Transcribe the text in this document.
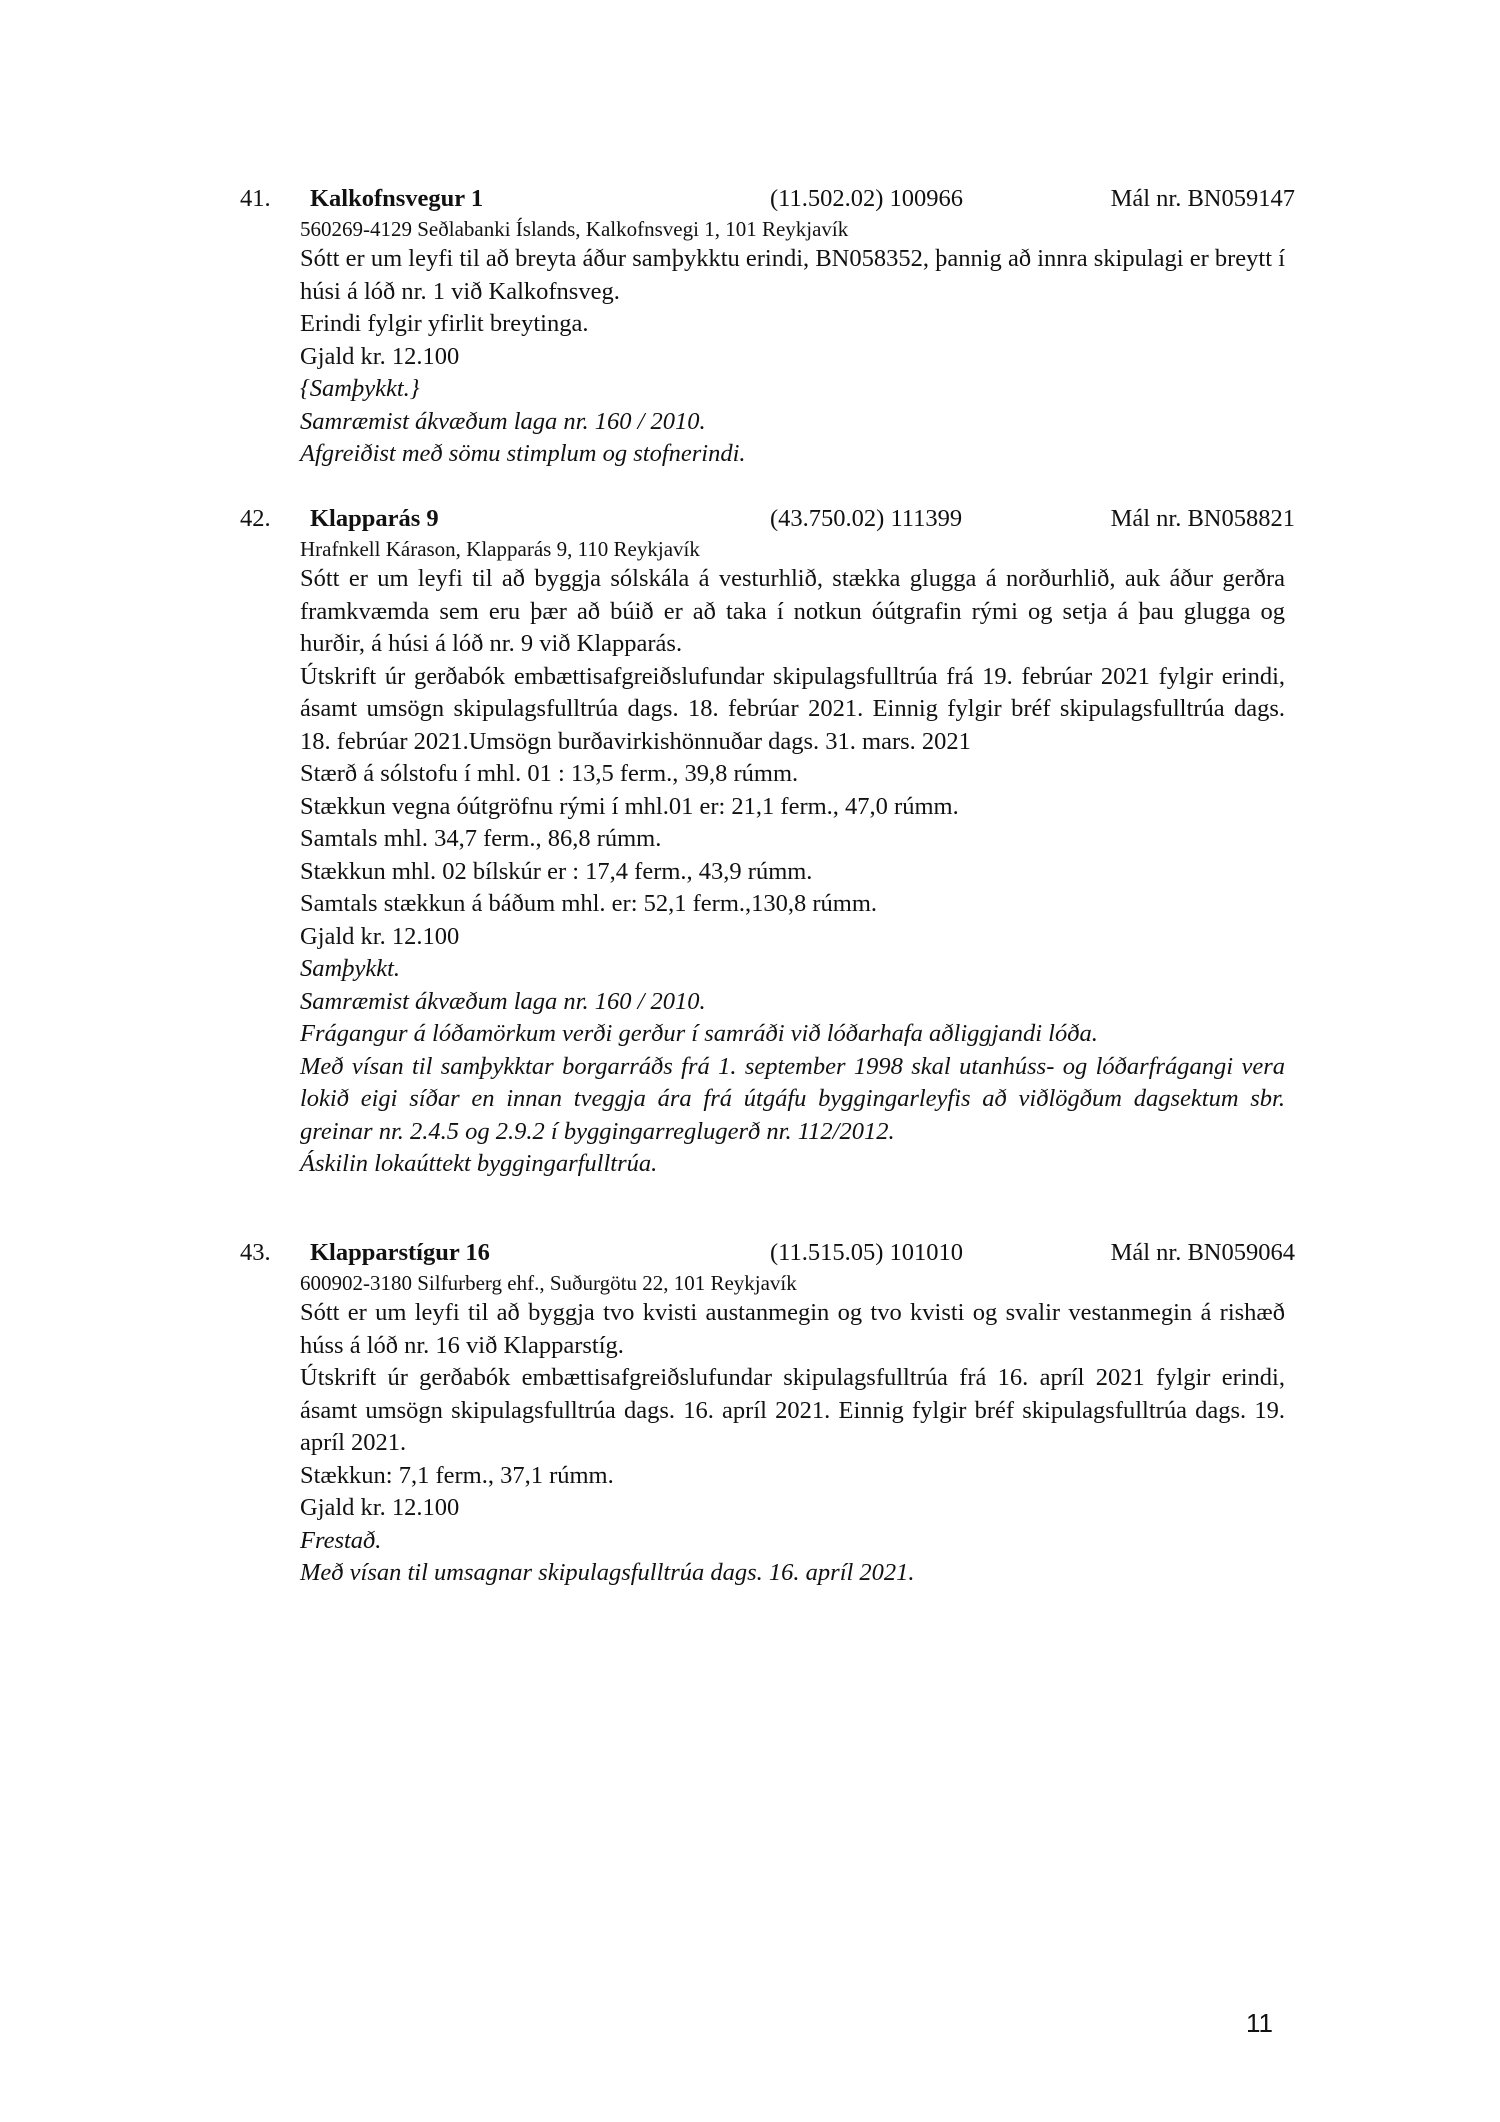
41. Kalkofnsvegur 1	(11.502.02) 100966	Mál nr. BN059147
560269-4129 Seðlabanki Íslands, Kalkofnsvegi 1, 101 Reykjavík
Sótt er um leyfi til að breyta áður samþykktu erindi, BN058352, þannig að innra skipulagi er breytt í húsi á lóð nr. 1 við Kalkofnsveg.
Erindi fylgir yfirlit breytinga.
Gjald kr. 12.100
{Samþykkt.}
Samræmist ákvæðum laga nr. 160 / 2010.
Afgreiðist með sömu stimplum og stofnerindi.
42. Klapparás 9	(43.750.02) 111399	Mál nr. BN058821
Hrafnkell Kárason, Klapparás 9, 110 Reykjavík
Sótt er um leyfi til að byggja sólskála á vesturhlið, stækka glugga á norðurhlið, auk áður gerðra framkvæmda sem eru þær að búið er að taka í notkun óútgrafin rými og setja á þau glugga og hurðir, á húsi á lóð nr. 9 við Klapparás.
Útskrift úr gerðabók embættisafgreiðslufundar skipulagsfulltrúa frá 19. febrúar 2021 fylgir erindi, ásamt umsögn skipulagsfulltrúa dags. 18. febrúar 2021. Einnig fylgir bréf skipulagsfulltrúa dags. 18. febrúar 2021.Umsögn burðavirkishönnuðar dags. 31. mars. 2021
Stærð á sólstofu í mhl. 01 : 13,5 ferm., 39,8 rúmm.
Stækkun vegna óútgröfnu rými í mhl.01 er: 21,1 ferm., 47,0 rúmm.
Samtals mhl. 34,7 ferm., 86,8 rúmm.
Stækkun mhl. 02 bílskúr er : 17,4 ferm., 43,9 rúmm.
Samtals stækkun á báðum mhl. er: 52,1 ferm.,130,8 rúmm.
Gjald kr. 12.100
Samþykkt.
Samræmist ákvæðum laga nr. 160 / 2010.
Frágangur á lóðamörkum verði gerður í samráði við lóðarhafa aðliggjandi lóða.
Með vísan til samþykktar borgarráðs frá 1. september 1998 skal utanhúss- og lóðarfrágangi vera lokið eigi síðar en innan tveggja ára frá útgáfu byggingarleyfis að viðlögðum dagsektum sbr. greinar nr. 2.4.5 og 2.9.2 í byggingarreglugerð nr. 112/2012.
Áskilin lokaúttekt byggingarfulltrúa.
43. Klapparstígur 16	(11.515.05) 101010	Mál nr. BN059064
600902-3180 Silfurberg ehf., Suðurgötu 22, 101 Reykjavík
Sótt er um leyfi til að byggja tvo kvisti austanmegin og tvo kvisti og svalir vestanmegin á rishæð húss á lóð nr. 16 við Klapparstíg.
Útskrift úr gerðabók embættisafgreiðslufundar skipulagsfulltrúa frá 16. apríl 2021 fylgir erindi, ásamt umsögn skipulagsfulltrúa dags. 16. apríl 2021. Einnig fylgir bréf skipulagsfulltrúa dags. 19. apríl 2021.
Stækkun: 7,1 ferm., 37,1 rúmm.
Gjald kr. 12.100
Frestað.
Með vísan til umsagnar skipulagsfulltrúa dags. 16. apríl 2021.
11
